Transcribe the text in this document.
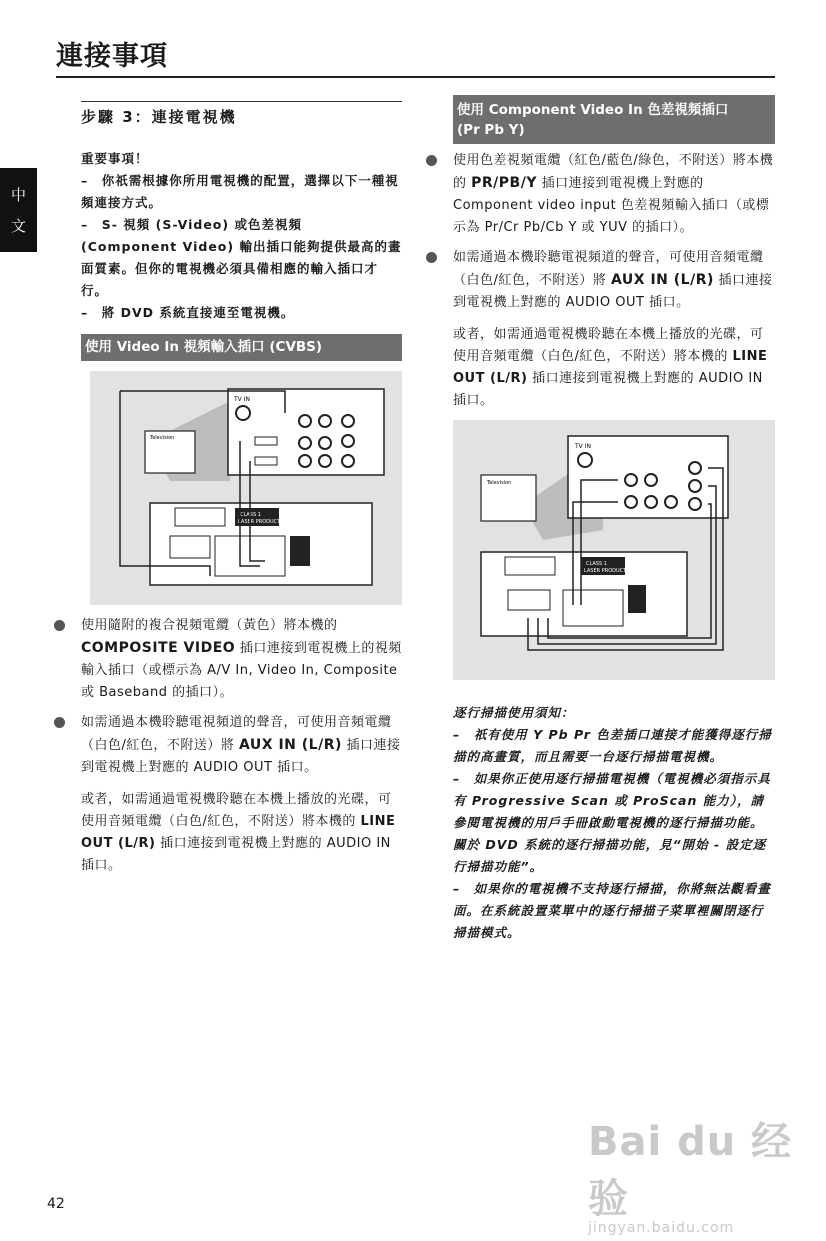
連接事項
中
文
步驟 3：連接電視機

重要事項！

–　你祇需根據你所用電視機的配置，選擇以下一種視頻連接方式。

–　S- 視頻 (S-Video) 或色差視頻 (Component Video) 輸出插口能夠提供最高的畫面質素。但你的電視機必須具備相應的輸入插口才行。

–　將 DVD 系統直接連至電視機。

使用 Video In 視頻輸入插口 (CVBS)
TV IN
Television
CLASS 1
LASER PRODUCT

使用隨附的複合視頻電纜（黃色）將本機的 COMPOSITE VIDEO 插口連接到電視機上的視頻輸入插口（或標示為 A/V In, Video In, Composite 或 Baseband 的插口）。

如需通過本機聆聽電視頻道的聲音，可使用音頻電纜（白色/紅色，不附送）將 AUX IN (L/R) 插口連接到電視機上對應的 AUDIO OUT 插口。

或者，如需通過電視機聆聽在本機上播放的光碟，可使用音頻電纜（白色/紅色，不附送）將本機的 LINE OUT (L/R) 插口連接到電視機上對應的 AUDIO IN 插口。

使用 Component Video In 色差視頻插口
(Pr Pb Y)

使用色差視頻電纜（紅色/藍色/綠色，不附送）將本機的 PR/PB/Y 插口連接到電視機上對應的 Component video input 色差視頻輸入插口（或標示為 Pr/Cr Pb/Cb Y 或 YUV 的插口）。

如需通過本機聆聽電視頻道的聲音，可使用音頻電纜（白色/紅色，不附送）將 AUX IN (L/R) 插口連接到電視機上對應的 AUDIO OUT 插口。

或者，如需通過電視機聆聽在本機上播放的光碟，可使用音頻電纜（白色/紅色，不附送）將本機的 LINE OUT (L/R) 插口連接到電視機上對應的 AUDIO IN 插口。

TV IN
Television
CLASS 1
LASER PRODUCT

逐行掃描使用須知：

–　祇有使用 Y Pb Pr 色差插口連接才能獲得逐行掃描的高畫質，而且需要一台逐行掃描電視機。

–　如果你正使用逐行掃描電視機（電視機必須指示具有 Progressive Scan 或 ProScan 能力），請參閱電視機的用戶手冊啟動電視機的逐行掃描功能。關於 DVD 系統的逐行掃描功能，見“開始 - 設定逐行掃描功能”。

–　如果你的電視機不支持逐行掃描，你將無法觀看畫面。在系統設置菜單中的逐行掃描子菜單裡關閉逐行掃描模式。

42
Bai du 经验
jingyan.baidu.com
